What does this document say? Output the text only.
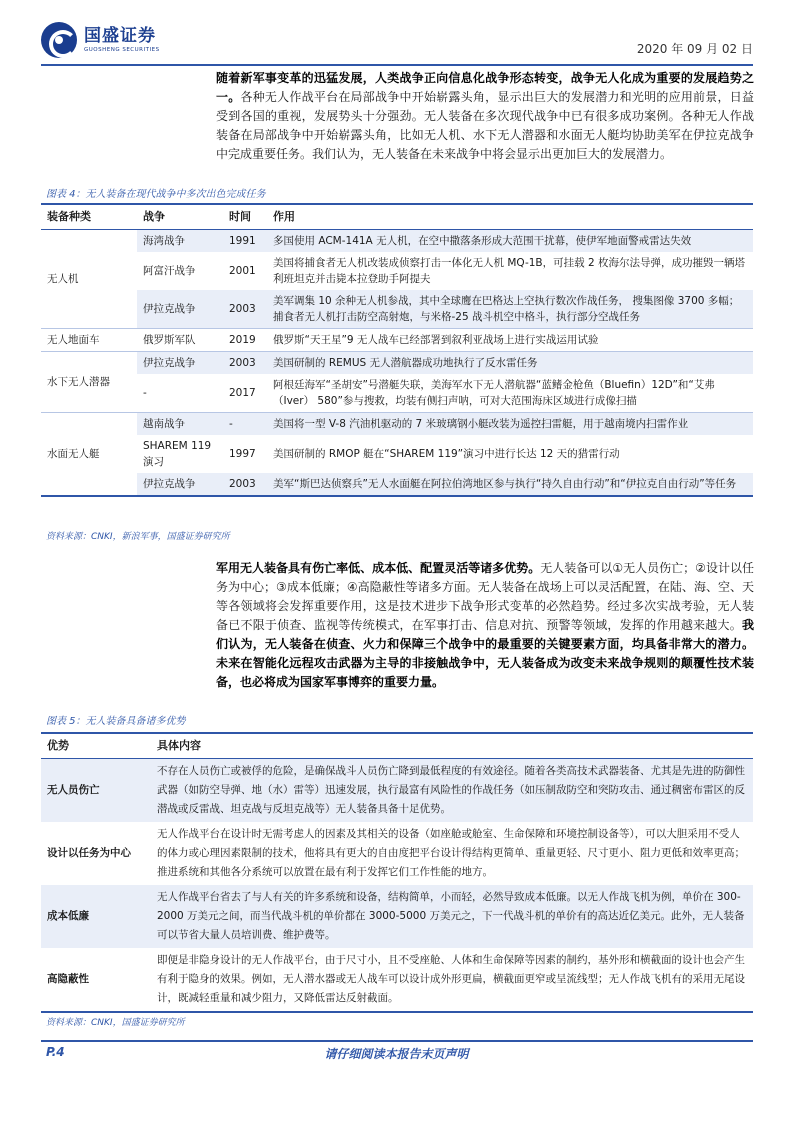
国盛证券
GUOSHENG SECURITIES	2020 年 09 月 02 日
随着新军事变革的迅猛发展，人类战争正向信息化战争形态转变，战争无人化成为重要的发展趋势之一。各种无人作战平台在局部战争中开始崭露头角，显示出巨大的发展潜力和光明的应用前景，日益受到各国的重视，发展势头十分强劲。无人装备在多次现代战争中已有很多成功案例。各种无人作战装备在局部战争中开始崭露头角，比如无人机、水下无人潜器和水面无人艇均协助美军在伊拉克战争中完成重要任务。我们认为，无人装备在未来战争中将会显示出更加巨大的发展潜力。
图表 4：无人装备在现代战争中多次出色完成任务
装备种类	战争	时间	作用
无人机	海湾战争	1991	多国使用 ACM-141A 无人机，在空中撒落条形成大范围干扰幕，使伊军地面警戒雷达失效
	阿富汗战争	2001	美国将捕食者无人机改装成侦察打击一体化无人机 MQ-1B，可挂载 2 枚海尔法导弹，成功摧毁一辆塔利班坦克并击毙本拉登助手阿提夫
	伊拉克战争	2003	美军调集 10 余种无人机参战，其中全球鹰在巴格达上空执行数次作战任务， 搜集图像 3700 多幅；捕食者无人机打击防空高射炮，与米格-25 战斗机空中格斗，执行部分空战任务
无人地面车	俄罗斯军队	2019	俄罗斯“天王星”9 无人战车已经部署到叙利亚战场上进行实战运用试验
水下无人潜器	伊拉克战争	2003	美国研制的 REMUS 无人潜航器成功地执行了反水雷任务
	-	2017	阿根廷海军“圣胡安”号潜艇失联，美海军水下无人潜航器“蓝鳍金枪鱼（Bluefin）12D”和“艾弗（Iver） 580”参与搜救，均装有侧扫声呐，可对大范围海床区域进行成像扫描
水面无人艇	越南战争	-	美国将一型 V-8 汽油机驱动的 7 米玻璃钢小艇改装为遥控扫雷艇，用于越南境内扫雷作业
	SHAREM 119 演习	1997	美国研制的 RMOP 艇在“SHAREM 119”演习中进行长达 12 天的猎雷行动
	伊拉克战争	2003	美军“斯巴达侦察兵”无人水面艇在阿拉伯湾地区参与执行“持久自由行动”和“伊拉克自由行动”等任务
资料来源：CNKI，新浪军事，国盛证券研究所
军用无人装备具有伤亡率低、成本低、配置灵活等诸多优势。无人装备可以①无人员伤亡；②设计以任务为中心；③成本低廉；④高隐蔽性等诸多方面。无人装备在战场上可以灵活配置，在陆、海、空、天等各领域将会发挥重要作用，这是技术进步下战争形式变革的必然趋势。经过多次实战考验，无人装备已不限于侦查、监视等传统模式，在军事打击、信息对抗、预警等领域，发挥的作用越来越大。我们认为，无人装备在侦查、火力和保障三个战争中的最重要的关键要素方面，均具备非常大的潜力。未来在智能化远程攻击武器为主导的非接触战争中，无人装备成为改变未来战争规则的颠覆性技术装备，也必将成为国家军事博弈的重要力量。
图表 5：无人装备具备诸多优势
优势	具体内容
无人员伤亡	不存在人员伤亡或被俘的危险，是确保战斗人员伤亡降到最低程度的有效途径。随着各类高技术武器装备、尤其是先进的防御性武器（如防空导弹、地（水）雷等）迅速发展，执行最富有风险性的作战任务（如压制敌防空和突防攻击、通过稠密布雷区的反潜战或反雷战、坦克战与反坦克战等）无人装备具备十足优势。
设计以任务为中心	无人作战平台在设计时无需考虑人的因素及其相关的设备（如座舱或舱室、生命保障和环境控制设备等），可以大胆采用不受人的体力或心理因素限制的技术，他将具有更大的自由度把平台设计得结构更简单、重量更轻、尺寸更小、阻力更低和效率更高；推进系统和其他各分系统可以放置在最有利于发挥它们工作性能的地方。
成本低廉	无人作战平台省去了与人有关的许多系统和设备，结构简单，小而轻，必然导致成本低廉。以无人作战飞机为例，单价在 300-2000 万美元之间，而当代战斗机的单价都在 3000-5000 万美元之，下一代战斗机的单价有的高达近亿美元。此外，无人装备可以节省大量人员培训费、维护费等。
高隐蔽性	即便是非隐身设计的无人作战平台，由于尺寸小，且不受座舱、人体和生命保障等因素的制约，基外形和横截面的设计也会产生有利于隐身的效果。例如，无人潜水器或无人战车可以设计成外形更扁，横截面更窄或呈流线型；无人作战飞机有的采用无尾设计，既减轻重量和减少阻力，又降低雷达反射截面。
资料来源：CNKI，国盛证券研究所
请仔细阅读本报告末页声明
P.4
